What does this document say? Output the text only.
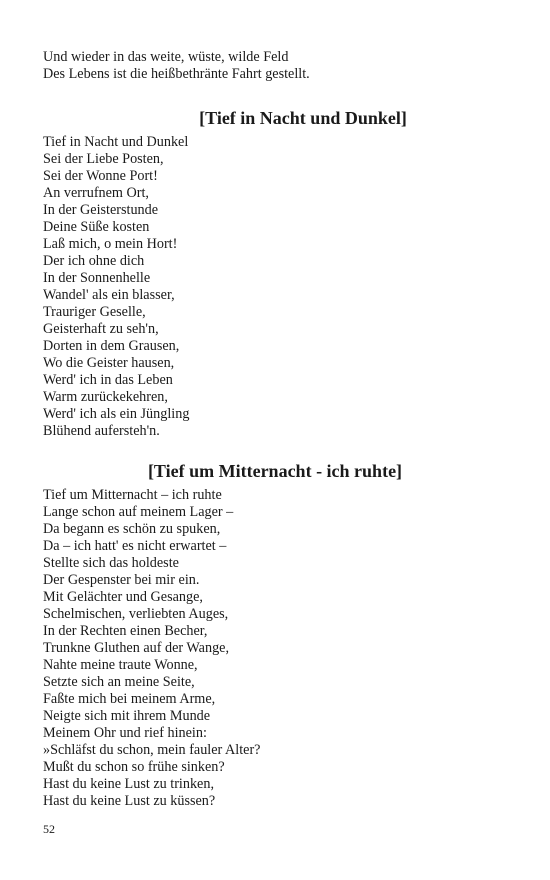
Und wieder in das weite, wüste, wilde Feld
Des Lebens ist die heißbethränte Fahrt gestellt.
[Tief in Nacht und Dunkel]
Tief in Nacht und Dunkel
Sei der Liebe Posten,
Sei der Wonne Port!
An verrufnem Ort,
In der Geisterstunde
Deine Süße kosten
Laß mich, o mein Hort!
Der ich ohne dich
In der Sonnenhelle
Wandel' als ein blasser,
Trauriger Geselle,
Geisterhaft zu seh'n,
Dorten in dem Grausen,
Wo die Geister hausen,
Werd' ich in das Leben
Warm zurückekehren,
Werd' ich als ein Jüngling
Blühend aufersteh'n.
[Tief um Mitternacht - ich ruhte]
Tief um Mitternacht – ich ruhte
Lange schon auf meinem Lager –
Da begann es schön zu spuken,
Da – ich hatt' es nicht erwartet –
Stellte sich das holdeste
Der Gespenster bei mir ein.
Mit Gelächter und Gesange,
Schelmischen, verliebten Auges,
In der Rechten einen Becher,
Trunkne Gluthen auf der Wange,
Nahte meine traute Wonne,
Setzte sich an meine Seite,
Faßte mich bei meinem Arme,
Neigte sich mit ihrem Munde
Meinem Ohr und rief hinein:
»Schläfst du schon, mein fauler Alter?
Mußt du schon so frühe sinken?
Hast du keine Lust zu trinken,
Hast du keine Lust zu küssen?
52
